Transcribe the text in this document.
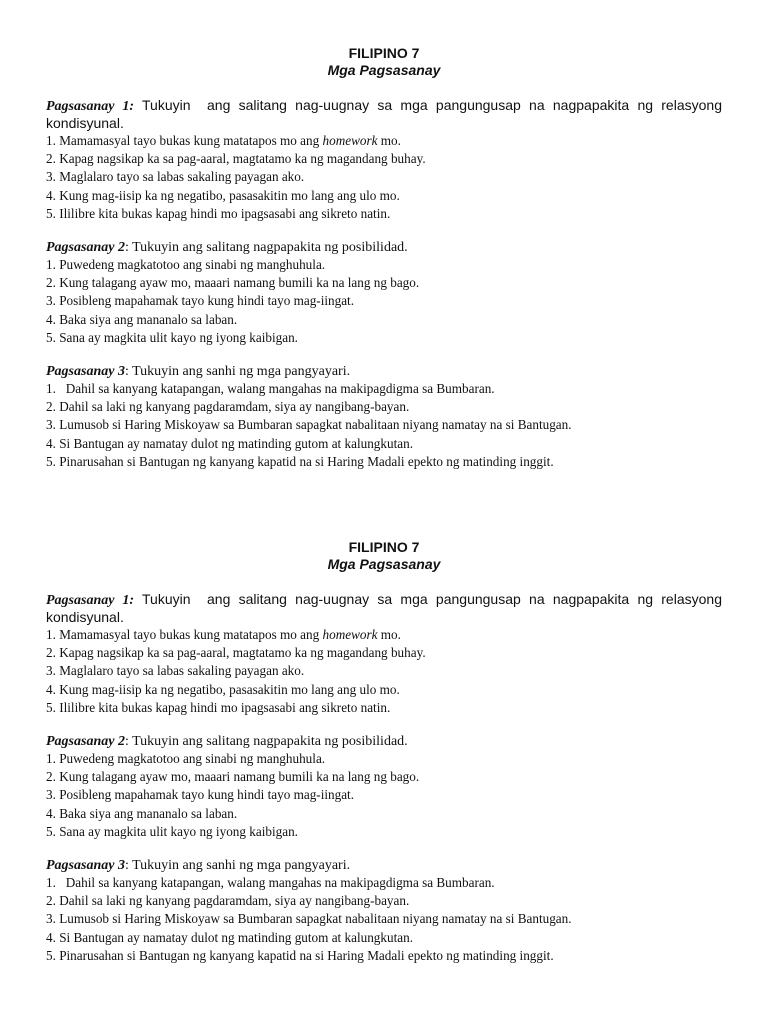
FILIPINO 7
Mga Pagsasanay

Pagsasanay 1: Tukuyin  ang salitang nag-uugnay sa mga pangungusap na nagpapakita ng relasyong kondisyunal.

1. Mamamasyal tayo bukas kung matatapos mo ang homework mo.
2. Kapag nagsikap ka sa pag-aaral, magtatamo ka ng magandang buhay.
3. Maglalaro tayo sa labas sakaling payagan ako.
4. Kung mag-iisip ka ng negatibo, pasasakitin mo lang ang ulo mo.
5. Ililibre kita bukas kapag hindi mo ipagsasabi ang sikreto natin.

Pagsasanay 2: Tukuyin ang salitang nagpapakita ng posibilidad.

1. Puwedeng magkatotoo ang sinabi ng manghuhula.
2. Kung talagang ayaw mo, maaari namang bumili ka na lang ng bago.
3. Posibleng mapahamak tayo kung hindi tayo mag-iingat.
4. Baka siya ang mananalo sa laban.
5. Sana ay magkita ulit kayo ng iyong kaibigan.

Pagsasanay 3: Tukuyin ang sanhi ng mga pangyayari.

1.   Dahil sa kanyang katapangan, walang mangahas na makipagdigma sa Bumbaran.
2. Dahil sa laki ng kanyang pagdaramdam, siya ay nangibang-bayan.
3. Lumusob si Haring Miskoyaw sa Bumbaran sapagkat nabalitaan niyang namatay na si Bantugan.
4. Si Bantugan ay namatay dulot ng matinding gutom at kalungkutan.
5. Pinarusahan si Bantugan ng kanyang kapatid na si Haring Madali epekto ng matinding inggit.
FILIPINO 7
Mga Pagsasanay

Pagsasanay 1: Tukuyin  ang salitang nag-uugnay sa mga pangungusap na nagpapakita ng relasyong kondisyunal.

1. Mamamasyal tayo bukas kung matatapos mo ang homework mo.
2. Kapag nagsikap ka sa pag-aaral, magtatamo ka ng magandang buhay.
3. Maglalaro tayo sa labas sakaling payagan ako.
4. Kung mag-iisip ka ng negatibo, pasasakitin mo lang ang ulo mo.
5. Ililibre kita bukas kapag hindi mo ipagsasabi ang sikreto natin.

Pagsasanay 2: Tukuyin ang salitang nagpapakita ng posibilidad.

1. Puwedeng magkatotoo ang sinabi ng manghuhula.
2. Kung talagang ayaw mo, maaari namang bumili ka na lang ng bago.
3. Posibleng mapahamak tayo kung hindi tayo mag-iingat.
4. Baka siya ang mananalo sa laban.
5. Sana ay magkita ulit kayo ng iyong kaibigan.

Pagsasanay 3: Tukuyin ang sanhi ng mga pangyayari.

1.   Dahil sa kanyang katapangan, walang mangahas na makipagdigma sa Bumbaran.
2. Dahil sa laki ng kanyang pagdaramdam, siya ay nangibang-bayan.
3. Lumusob si Haring Miskoyaw sa Bumbaran sapagkat nabalitaan niyang namatay na si Bantugan.
4. Si Bantugan ay namatay dulot ng matinding gutom at kalungkutan.
5. Pinarusahan si Bantugan ng kanyang kapatid na si Haring Madali epekto ng matinding inggit.
